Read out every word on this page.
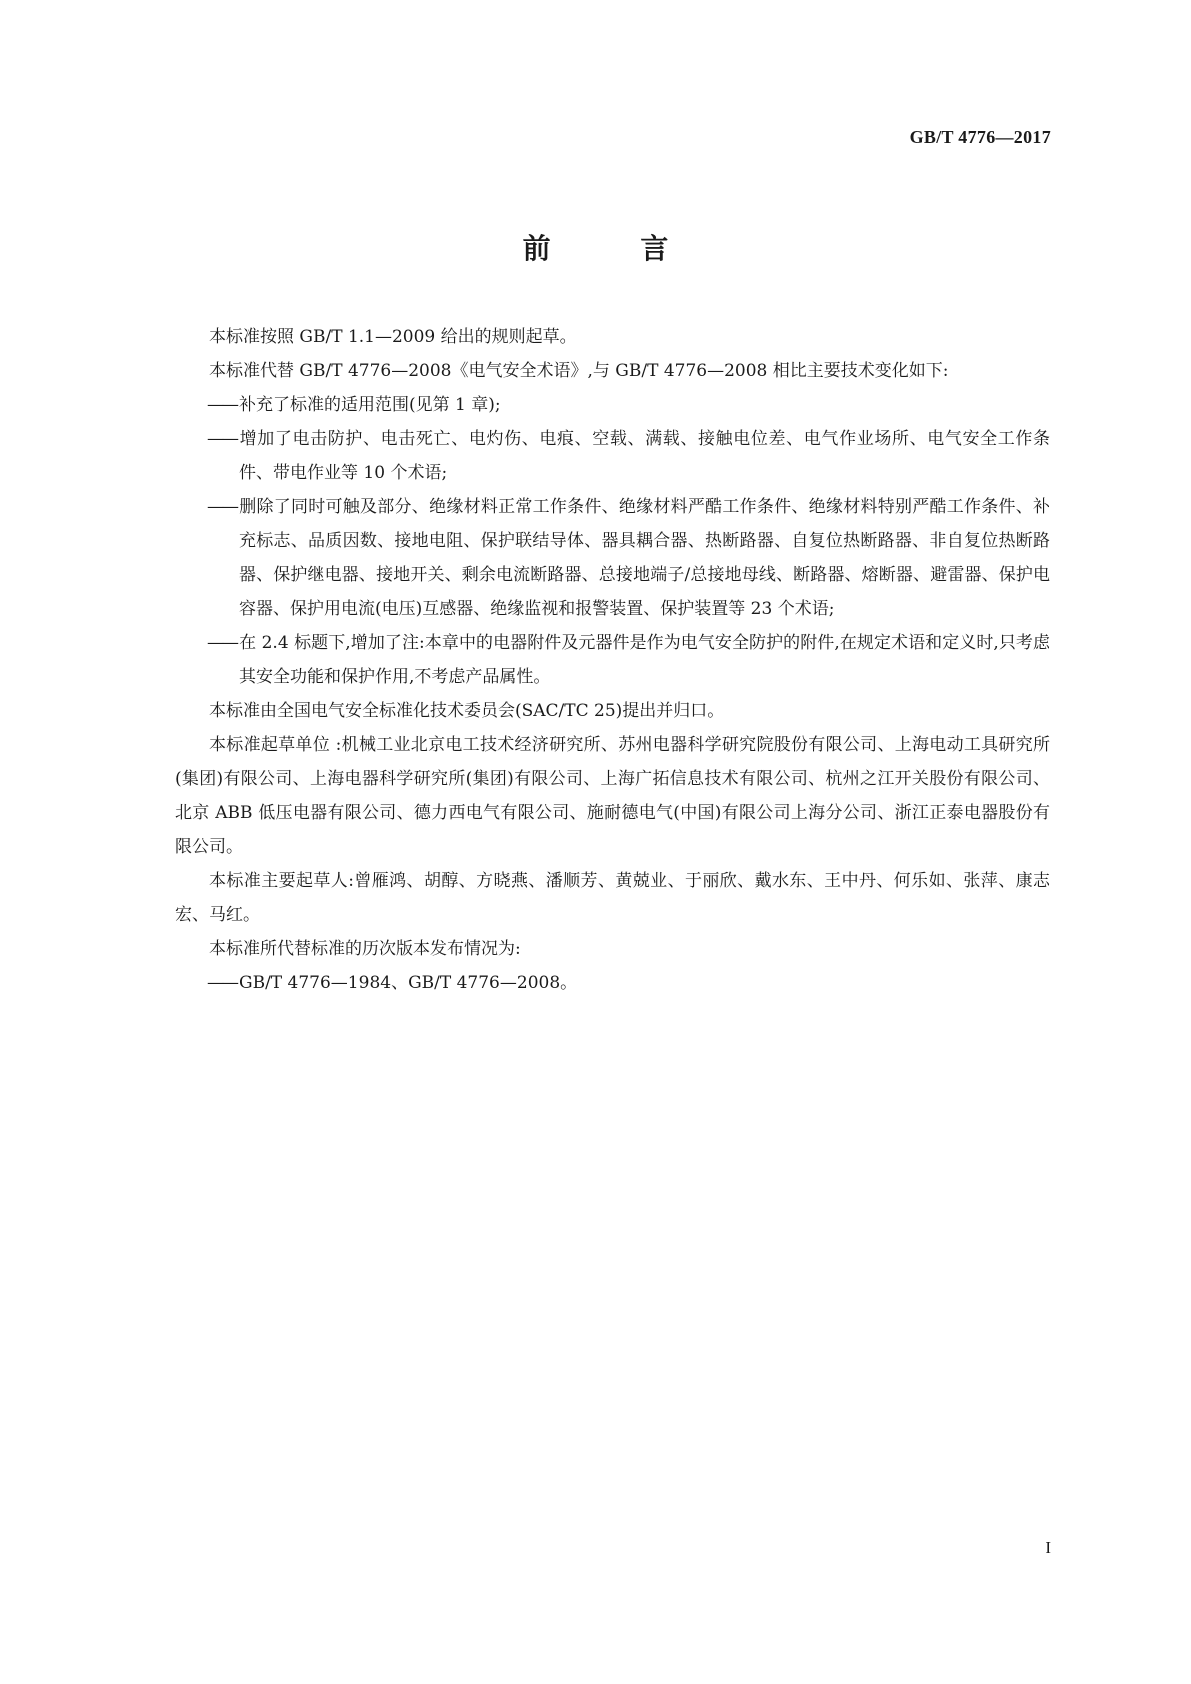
GB/T 4776—2017
前 言

本标准按照 GB/T 1.1—2009 给出的规则起草。

本标准代替 GB/T 4776—2008《电气安全术语》,与 GB/T 4776—2008 相比主要技术变化如下:

—— 补充了标准的适用范围(见第 1 章);

—— 增加了电击防护、电击死亡、电灼伤、电痕、空载、满载、接触电位差、电气作业场所、电气安全工作条件、带电作业等 10 个术语;

—— 删除了同时可触及部分、绝缘材料正常工作条件、绝缘材料严酷工作条件、绝缘材料特别严酷工作条件、补充标志、品质因数、接地电阻、保护联结导体、器具耦合器、热断路器、自复位热断路器、非自复位热断路器、保护继电器、接地开关、剩余电流断路器、总接地端子/总接地母线、断路器、熔断器、避雷器、保护电容器、保护用电流(电压)互感器、绝缘监视和报警装置、保护装置等 23 个术语;

—— 在 2.4 标题下,增加了注:本章中的电器附件及元器件是作为电气安全防护的附件,在规定术语和定义时,只考虑其安全功能和保护作用,不考虑产品属性。

本标准由全国电气安全标准化技术委员会(SAC/TC 25)提出并归口。

本标准起草单位 :机械工业北京电工技术经济研究所、苏州电器科学研究院股份有限公司、上海电动工具研究所(集团)有限公司、上海电器科学研究所(集团)有限公司、上海广拓信息技术有限公司、杭州之江开关股份有限公司、北京 ABB 低压电器有限公司、德力西电气有限公司、施耐德电气(中国)有限公司上海分公司、浙江正泰电器股份有限公司。

本标准主要起草人:曾雁鸿、胡醇、方晓燕、潘顺芳、黄兢业、于丽欣、戴水东、王中丹、何乐如、张萍、康志宏、马红。

本标准所代替标准的历次版本发布情况为:

—— GB/T 4776—1984、GB/T 4776—2008。

I
